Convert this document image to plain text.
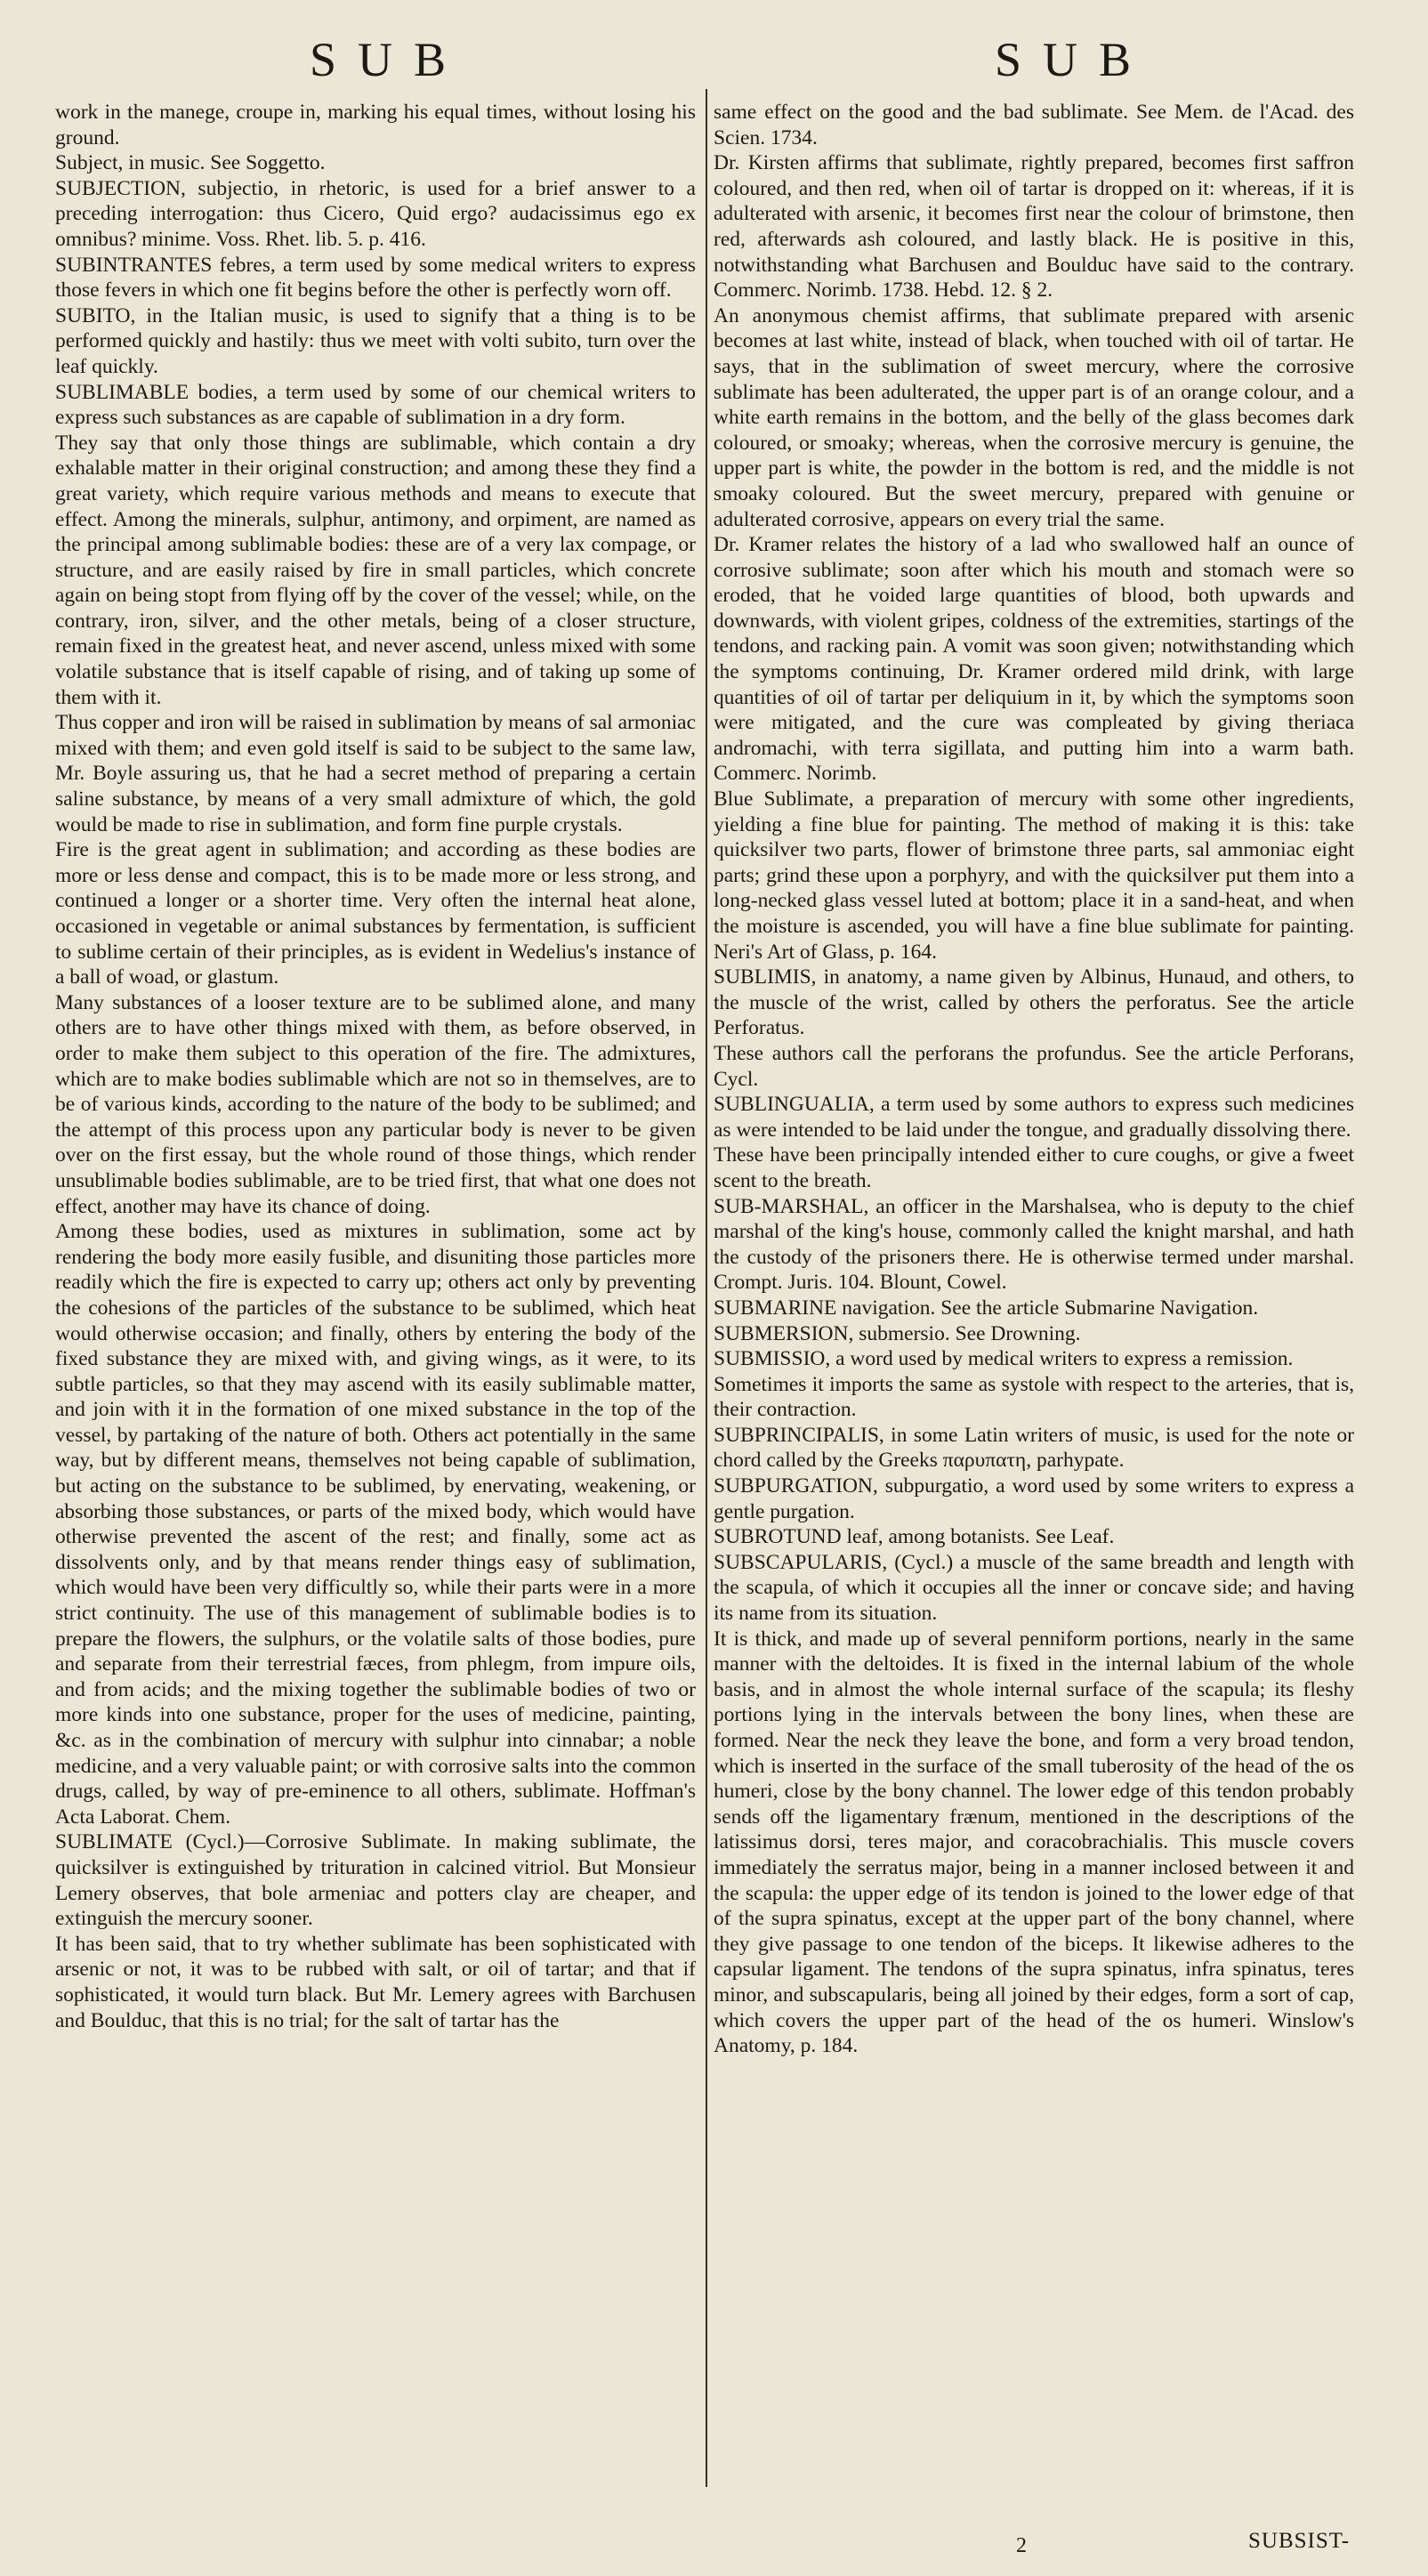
SUB	SUB

work in the manege, croupe in, marking his equal times, without losing his ground.

Subject, in music. See Soggetto.

SUBJECTION, subjectio, in rhetoric, is used for a brief answer to a preceding interrogation: thus Cicero, Quid ergo? audacissimus ego ex omnibus? minime. Voss. Rhet. lib. 5. p. 416.

SUBINTRANTES febres, a term used by some medical writers to express those fevers in which one fit begins before the other is perfectly worn off.

SUBITO, in the Italian music, is used to signify that a thing is to be performed quickly and hastily: thus we meet with volti subito, turn over the leaf quickly.

SUBLIMABLE bodies, a term used by some of our chemical writers to express such substances as are capable of sublimation in a dry form.

They say that only those things are sublimable, which contain a dry exhalable matter in their original construction; and among these they find a great variety, which require various methods and means to execute that effect. Among the minerals, sulphur, antimony, and orpiment, are named as the principal among sublimable bodies: these are of a very lax compage, or structure, and are easily raised by fire in small particles, which concrete again on being stopt from flying off by the cover of the vessel; while, on the contrary, iron, silver, and the other metals, being of a closer structure, remain fixed in the greatest heat, and never ascend, unless mixed with some volatile substance that is itself capable of rising, and of taking up some of them with it.

Thus copper and iron will be raised in sublimation by means of sal armoniac mixed with them; and even gold itself is said to be subject to the same law, Mr. Boyle assuring us, that he had a secret method of preparing a certain saline substance, by means of a very small admixture of which, the gold would be made to rise in sublimation, and form fine purple crystals.

Fire is the great agent in sublimation; and according as these bodies are more or less dense and compact, this is to be made more or less strong, and continued a longer or a shorter time. Very often the internal heat alone, occasioned in vegetable or animal substances by fermentation, is sufficient to sublime certain of their principles, as is evident in Wedelius's instance of a ball of woad, or glastum.

Many substances of a looser texture are to be sublimed alone, and many others are to have other things mixed with them, as before observed, in order to make them subject to this operation of the fire. The admixtures, which are to make bodies sublimable which are not so in themselves, are to be of various kinds, according to the nature of the body to be sublimed; and the attempt of this process upon any particular body is never to be given over on the first essay, but the whole round of those things, which render unsublimable bodies sublimable, are to be tried first, that what one does not effect, another may have its chance of doing.

Among these bodies, used as mixtures in sublimation, some act by rendering the body more easily fusible, and disuniting those particles more readily which the fire is expected to carry up; others act only by preventing the cohesions of the particles of the substance to be sublimed, which heat would otherwise occasion; and finally, others by entering the body of the fixed substance they are mixed with, and giving wings, as it were, to its subtle particles, so that they may ascend with its easily sublimable matter, and join with it in the formation of one mixed substance in the top of the vessel, by partaking of the nature of both. Others act potentially in the same way, but by different means, themselves not being capable of sublimation, but acting on the substance to be sublimed, by enervating, weakening, or absorbing those substances, or parts of the mixed body, which would have otherwise prevented the ascent of the rest; and finally, some act as dissolvents only, and by that means render things easy of sublimation, which would have been very difficultly so, while their parts were in a more strict continuity. The use of this management of sublimable bodies is to prepare the flowers, the sulphurs, or the volatile salts of those bodies, pure and separate from their terrestrial fæces, from phlegm, from impure oils, and from acids; and the mixing together the sublimable bodies of two or more kinds into one substance, proper for the uses of medicine, painting, &c. as in the combination of mercury with sulphur into cinnabar; a noble medicine, and a very valuable paint; or with corrosive salts into the common drugs, called, by way of pre-eminence to all others, sublimate. Hoffman's Acta Laborat. Chem.

SUBLIMATE (Cycl.)—Corrosive Sublimate. In making sublimate, the quicksilver is extinguished by trituration in calcined vitriol. But Monsieur Lemery observes, that bole armeniac and potters clay are cheaper, and extinguish the mercury sooner.

It has been said, that to try whether sublimate has been sophisticated with arsenic or not, it was to be rubbed with salt, or oil of tartar; and that if sophisticated, it would turn black. But Mr. Lemery agrees with Barchusen and Boulduc, that this is no trial; for the salt of tartar has the

same effect on the good and the bad sublimate. See Mem. de l'Acad. des Scien. 1734.

Dr. Kirsten affirms that sublimate, rightly prepared, becomes first saffron coloured, and then red, when oil of tartar is dropped on it: whereas, if it is adulterated with arsenic, it becomes first near the colour of brimstone, then red, afterwards ash coloured, and lastly black. He is positive in this, notwithstanding what Barchusen and Boulduc have said to the contrary. Commerc. Norimb. 1738. Hebd. 12. § 2.

An anonymous chemist affirms, that sublimate prepared with arsenic becomes at last white, instead of black, when touched with oil of tartar. He says, that in the sublimation of sweet mercury, where the corrosive sublimate has been adulterated, the upper part is of an orange colour, and a white earth remains in the bottom, and the belly of the glass becomes dark coloured, or smoaky; whereas, when the corrosive mercury is genuine, the upper part is white, the powder in the bottom is red, and the middle is not smoaky coloured. But the sweet mercury, prepared with genuine or adulterated corrosive, appears on every trial the same.

Dr. Kramer relates the history of a lad who swallowed half an ounce of corrosive sublimate; soon after which his mouth and stomach were so eroded, that he voided large quantities of blood, both upwards and downwards, with violent gripes, coldness of the extremities, startings of the tendons, and racking pain. A vomit was soon given; notwithstanding which the symptoms continuing, Dr. Kramer ordered mild drink, with large quantities of oil of tartar per deliquium in it, by which the symptoms soon were mitigated, and the cure was compleated by giving theriaca andromachi, with terra sigillata, and putting him into a warm bath. Commerc. Norimb.

Blue Sublimate, a preparation of mercury with some other ingredients, yielding a fine blue for painting. The method of making it is this: take quicksilver two parts, flower of brimstone three parts, sal ammoniac eight parts; grind these upon a porphyry, and with the quicksilver put them into a long-necked glass vessel luted at bottom; place it in a sand-heat, and when the moisture is ascended, you will have a fine blue sublimate for painting. Neri's Art of Glass, p. 164.

SUBLIMIS, in anatomy, a name given by Albinus, Hunaud, and others, to the muscle of the wrist, called by others the perforatus. See the article Perforatus.

These authors call the perforans the profundus. See the article Perforans, Cycl.

SUBLINGUALIA, a term used by some authors to express such medicines as were intended to be laid under the tongue, and gradually dissolving there.

These have been principally intended either to cure coughs, or give a fweet scent to the breath.

SUB-MARSHAL, an officer in the Marshalsea, who is deputy to the chief marshal of the king's house, commonly called the knight marshal, and hath the custody of the prisoners there. He is otherwise termed under marshal. Crompt. Juris. 104. Blount, Cowel.

SUBMARINE navigation. See the article Submarine Navigation.

SUBMERSION, submersio. See Drowning.

SUBMISSIO, a word used by medical writers to express a remission.

Sometimes it imports the same as systole with respect to the arteries, that is, their contraction.

SUBPRINCIPALIS, in some Latin writers of music, is used for the note or chord called by the Greeks παρυπατη, parhypate.

SUBPURGATION, subpurgatio, a word used by some writers to express a gentle purgation.

SUBROTUND leaf, among botanists. See Leaf.

SUBSCAPULARIS, (Cycl.) a muscle of the same breadth and length with the scapula, of which it occupies all the inner or concave side; and having its name from its situation.

It is thick, and made up of several penniform portions, nearly in the same manner with the deltoides. It is fixed in the internal labium of the whole basis, and in almost the whole internal surface of the scapula; its fleshy portions lying in the intervals between the bony lines, when these are formed. Near the neck they leave the bone, and form a very broad tendon, which is inserted in the surface of the small tuberosity of the head of the os humeri, close by the bony channel. The lower edge of this tendon probably sends off the ligamentary frænum, mentioned in the descriptions of the latissimus dorsi, teres major, and coracobrachialis. This muscle covers immediately the serratus major, being in a manner inclosed between it and the scapula: the upper edge of its tendon is joined to the lower edge of that of the supra spinatus, except at the upper part of the bony channel, where they give passage to one tendon of the biceps. It likewise adheres to the capsular ligament. The tendons of the supra spinatus, infra spinatus, teres minor, and subscapularis, being all joined by their edges, form a sort of cap, which covers the upper part of the head of the os humeri. Winslow's Anatomy, p. 184.

2	SUBSIST-
